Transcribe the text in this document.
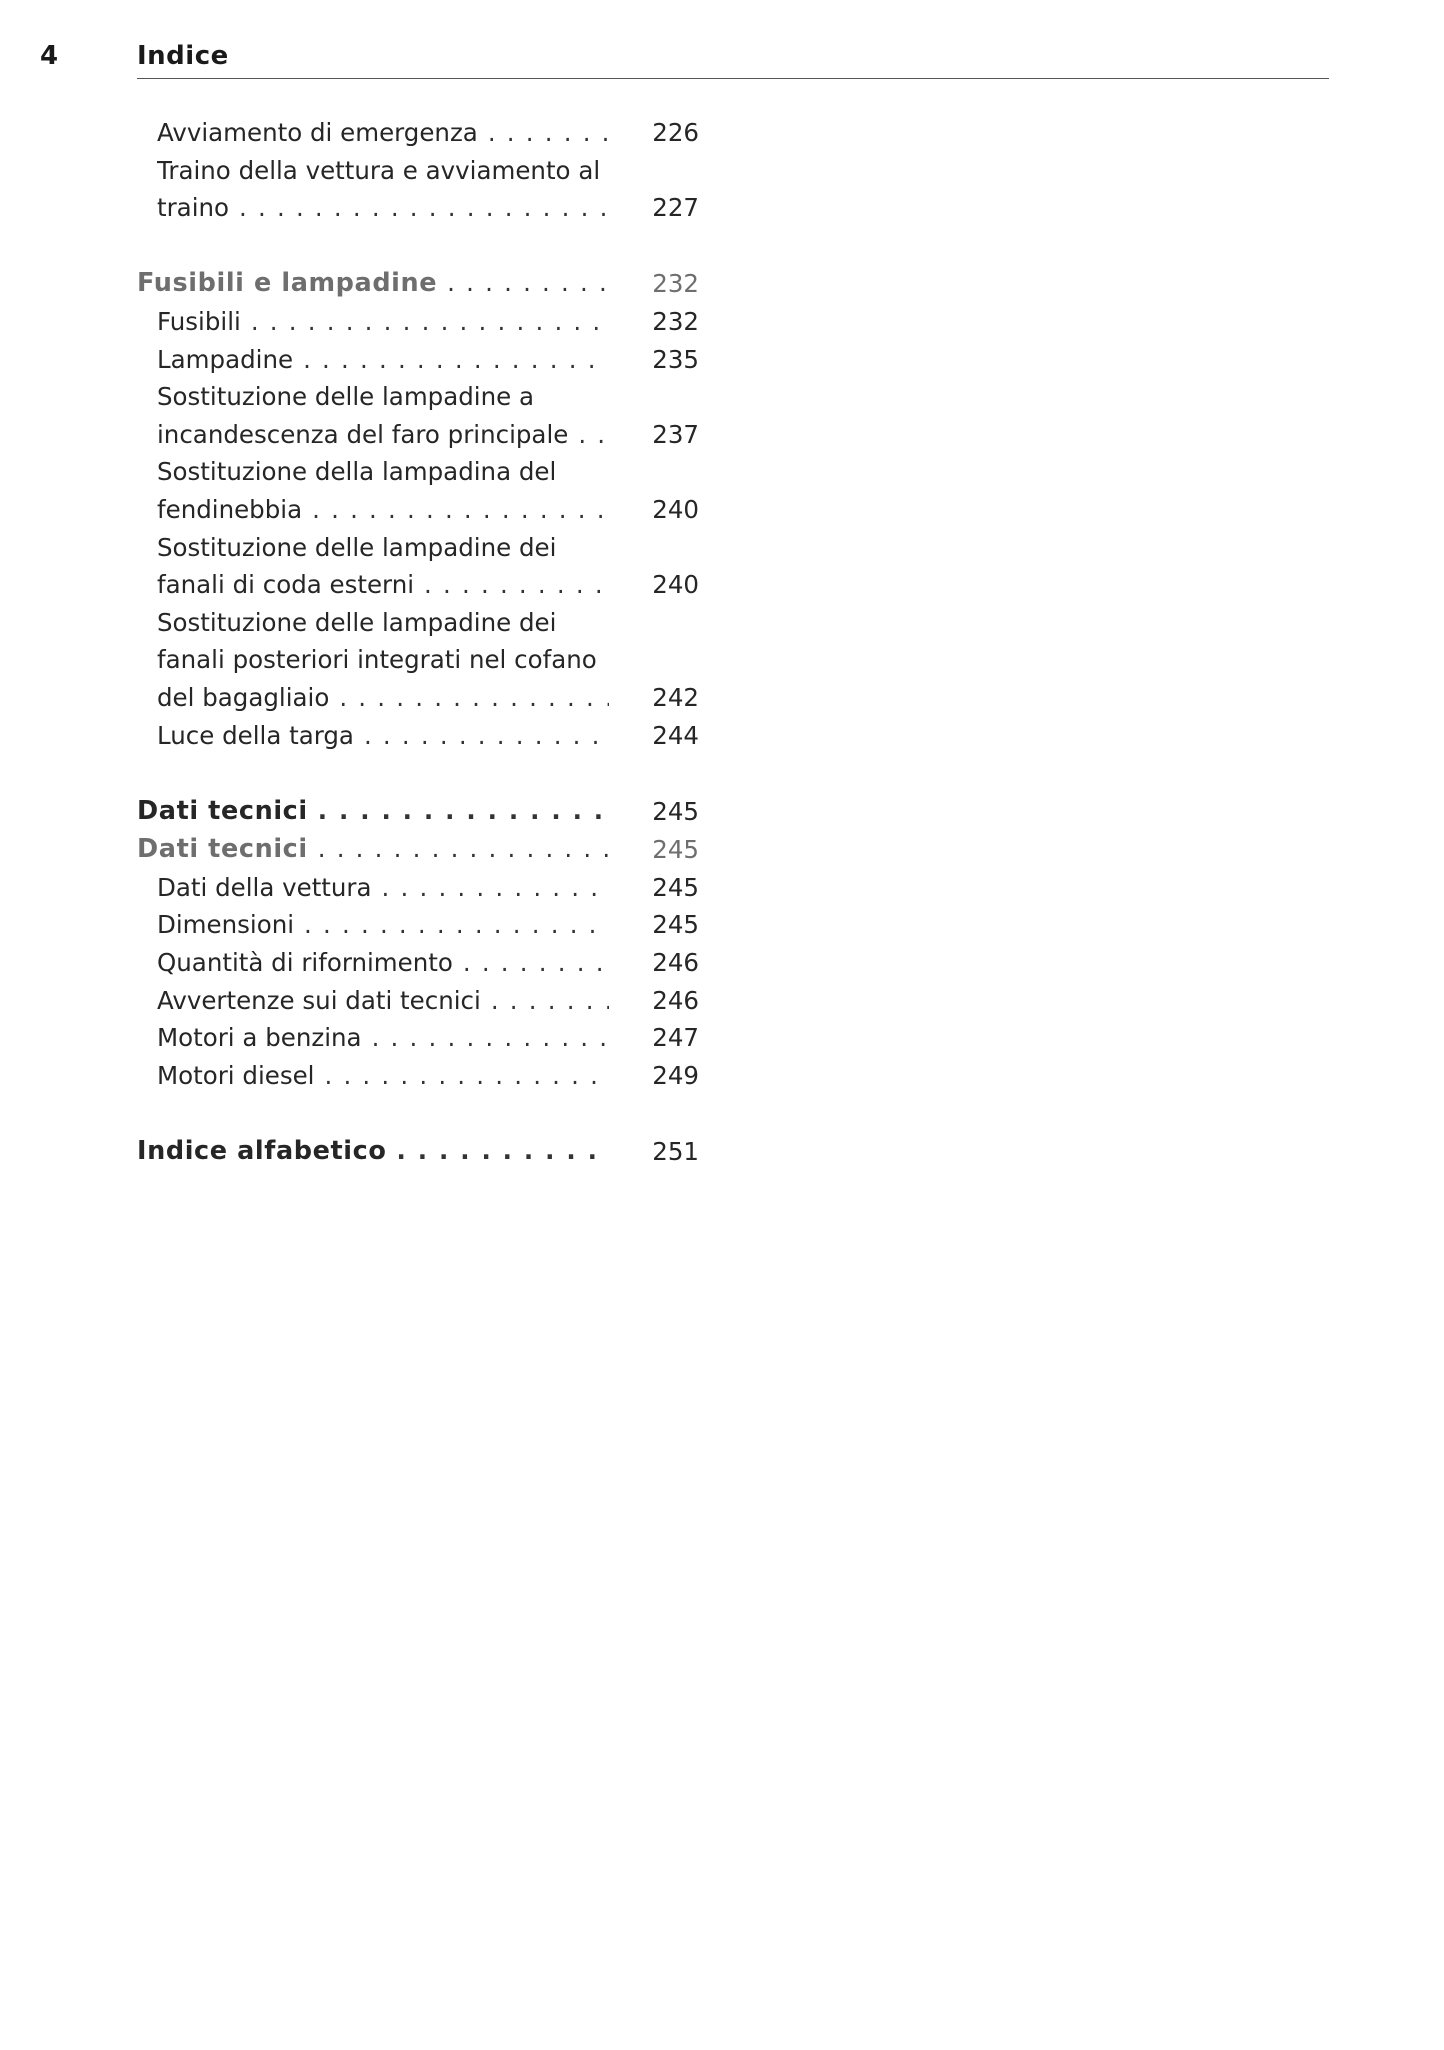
4	Indice
Avviamento di emergenza . . .	226
Traino della vettura e avviamento al
traino . . .	227
Fusibili e lampadine . . .	232
Fusibili . . .	232
Lampadine . . .	235
Sostituzione delle lampadine a
incandescenza del faro principale . . .	237
Sostituzione della lampadina del
fendinebbia . . .	240
Sostituzione delle lampadine dei
fanali di coda esterni . . .	240
Sostituzione delle lampadine dei
fanali posteriori integrati nel cofano
del bagagliaio . . .	242
Luce della targa . . .	244
Dati tecnici . . .	245
Dati tecnici . . .	245
Dati della vettura . . .	245
Dimensioni . . .	245
Quantità di rifornimento . . .	246
Avvertenze sui dati tecnici . . .	246
Motori a benzina . . .	247
Motori diesel . . .	249
Indice alfabetico . . .	251
